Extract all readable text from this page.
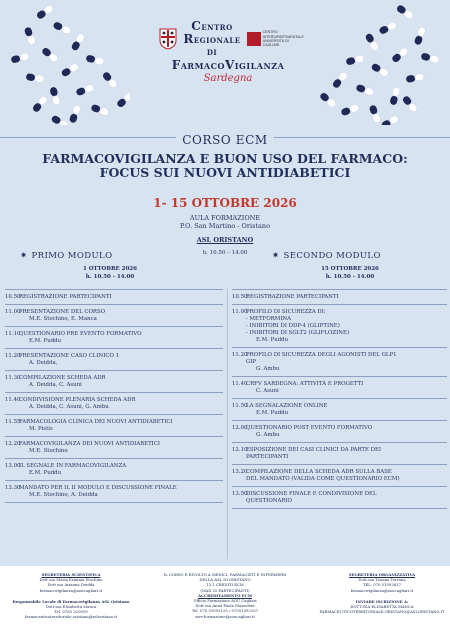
Centro
Regionale
di
CENTRO INTERDIPARTIMENTALE UNIVERSITÀ DI CAGLIARI
FarmacoVigilanza
Sardegna
CORSO ECM
FARMACOVIGILANZA E BUON USO DEL FARMACO:
FOCUS SUI NUOVI ANTIDIABETICI
1- 15 OTTOBRE 2026
AULA FORMAZIONE
P.O. San Martino - Oristano
ASL ORISTANO
h. 10.50 – 14.00
✷ PRIMO MODULO	✷ SECONDO MODULO
1 OTTOBRE 2026
h. 10.50 - 14.00
15 OTTOBRE 2026
h. 10.50 - 14.00
10.50
REGISTRAZIONE PARTECIPANTI
11.00
PRESENTAZIONE DEL CORSO
M.E. Stochino, E. Manca
11.10
QUESTIONARIO PRE EVENTO FORMATIVO
E.M. Puddu
11.20
PRESENTAZIONE CASO CLINICO 1
A. Deidda,
11.30
COMPILAZIONE SCHEDA ADR
A. Deidda, C. Asuni
11.40
CONDIVISIONE PLENARIA SCHEDA ADR
A. Deidda, C. Asuni, G. Ambu
11.55
FARMACOLOGIA CLINICA DEI NUOVI ANTIDIABETICI
M. Pistis
12.20
FARMACOVIGILANZA DEI NUOVI ANTIDIABETICI
M.E. Stochino
13.00
IL SEGNALE IN FARMACOVIGILANZA
E.M. Puddu
13.30
MANDATO PER IL II MODULO E DISCUSSIONE FINALE
M.E. Stochino, A. Deidda
10.50
REGISTRAZIONE PARTECIPANTI
11.00
PROFILO DI SICUREZZA DI:
- METFORMINA
- INIBITORI DI DDP-4 (GLIPTINE)
- INIBITORI DI SGLT2 (GLIFLOZINE)
E.M. Puddu
11.20
PROFILO DI SICUREZZA DEGLI AGONISTI DEL GLP1
GIP
G. Ambu
11.40
CRFV SARDEGNA: ATTIVITÀ E PROGETTI
C. Asuni
11.50
LA SEGNALAZIONE ONLINE
E.M. Puddu
12.00
QUESTIONARIO POST EVENTO FORMATIVO
G. Ambu
12.10
ESPOSIZIONE DEI CASI CLINICI DA PARTE DEI
PARTECIPANTI
13.20
COMPILAZIONE DELLA SCHEDA ADR SULLA BASE
DEL MANDATO (VALIDA COME QUESTIONARIO ECM)
13.50
DISCUSSIONE FINALE E CONDIVISIONE DEL
QUESTIONARIO
SEGRETERIA SCIENTIFICA
Dott.ssa Maria Erminia Stochino
Dott.ssa Arianna Deidda
farmacovigilanza@aoucagliari.it
Responsabile Locale di Farmacovigilanza ASL Oristano
Dott.ssa Elisabetta Manca
Tel. 0783 320019
farmaceuticaterritoriale.oristano@aslsristano.it
IL CORSO È RIVOLTO A MEDICI, FARMACISTI E INFERMIERI
DELLA ASL DI ORISTANO
13,1 CREDITI ECM
(MAX 25 PARTECIPANTI)
ACCREDITAMENTO ECM
Ufficio Formazione AOU Cagliari
Dott.ssa Anna Paola Mazzoleni
Tel. 070 51092155 / 07051092157
serv.formazione@aoucagliari.it
SEGRETERIA ORGANIZZATIVA
Dott.ssa Tiziana Terrana
TEL. 070 51092637
farmacovigilanza@aoucagliari.it
INVIARE ISCRIZIONE A:
DOTT.SSA ELISABETTA MANCA
FARMACEUTICOTERRITORIALE.ORISTANO@ASLORISTANO.IT
